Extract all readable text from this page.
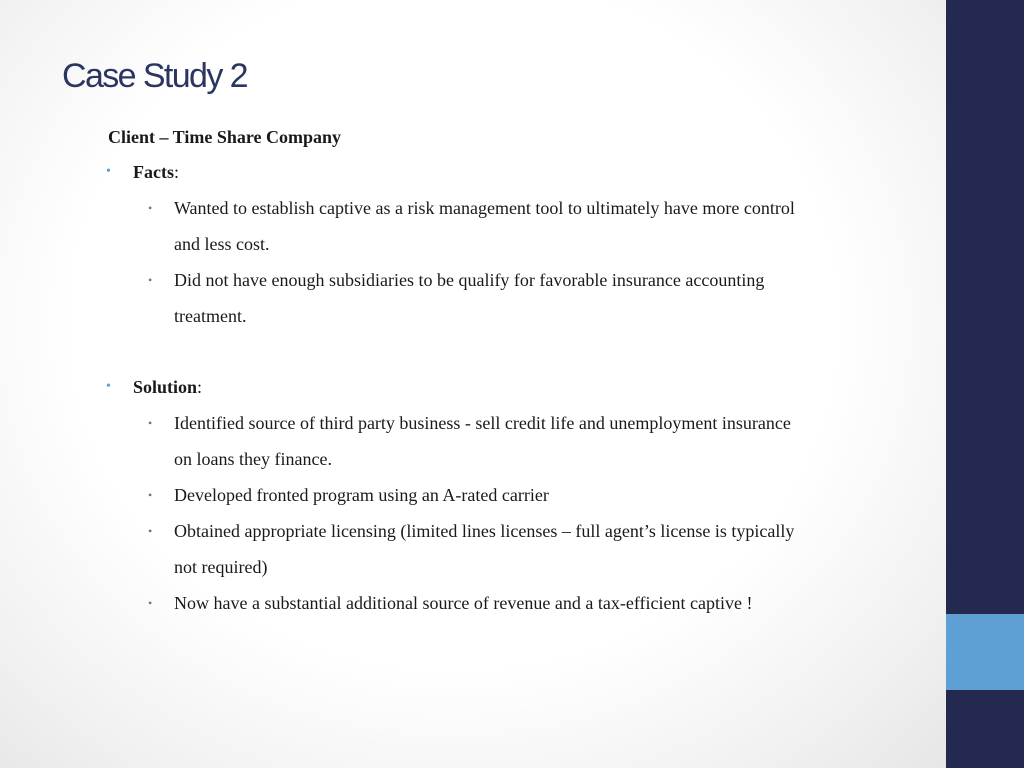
Case Study 2
Client – Time Share Company
• Facts:
• Wanted to establish captive as a risk management tool to ultimately have more control
and less cost.
• Did not have enough subsidiaries to be qualify for favorable insurance accounting
treatment.
• Solution:
• Identified source of third party business - sell credit life and unemployment insurance
on loans they finance.
• Developed fronted program using an A-rated carrier
• Obtained appropriate licensing (limited lines licenses – full agent’s license is typically
not required)
• Now have a substantial additional source of revenue and a tax-efficient captive !
